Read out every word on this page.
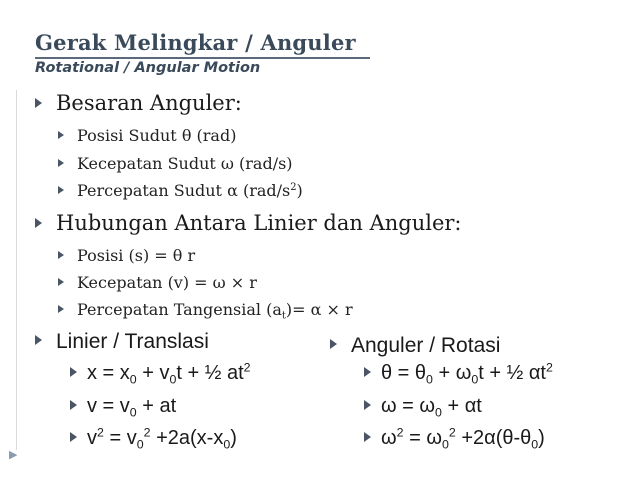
Gerak Melingkar / Anguler
Rotational / Angular Motion
▶
Besaran Anguler:
Posisi Sudut θ (rad)
Kecepatan Sudut ω (rad/s)
Percepatan Sudut α $(rad/s^2)$
Hubungan Antara Linier dan Anguler:
Posisi (s) = θ r
Kecepatan (v) = ω × r
Percepatan Tangensial $(a_t)= \alpha \times r$
Linier / Translasi
$x = x_0 + v_0t$ + ½ $at^2$
$v = v_0$ + at
$v^2 = v_0^2 +2a(x-x_0)$
Anguler / Rotasi
$\theta = \theta_0 + \omega_0t$ + ½ $\alpha t^2$
$\omega = \omega_0 + \alpha t$
$\omega^2 = \omega_0^2 +2\alpha(\theta-\theta_0)$
